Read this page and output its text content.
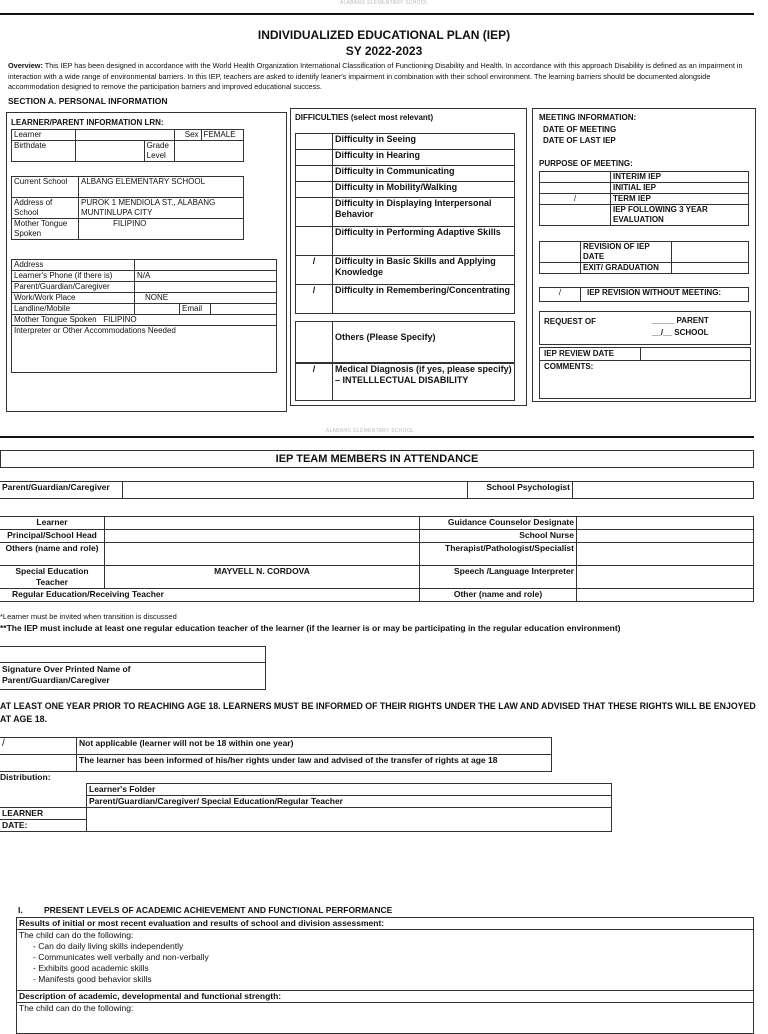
ALABANG ELEMENTARY SCHOOL
INDIVIDUALIZED EDUCATIONAL PLAN (IEP)
SY 2022-2023
Overview: This IEP has been designed in accordance with the World Health Organization International Classification of Functioning Disability and Health. In accordance with this approach Disability is defined as an impairment in interaction with a wide range of environmental barriers. In this IEP, teachers are asked to identify leaner's impairment in combination with their school environment. The learning barriers should be documented alongside accommodation designed to remove the participation barriers and improved educational success.
SECTION A. PERSONAL INFORMATION
LEARNER/PARENT INFORMATION LRN:
Learner			Sex	FEMALE
Birthdate		Grade Level		
Current School	ALBANG ELEMENTARY SCHOOL
Address of School	PUROK 1 MENDIOLA ST., ALABANG MUNTINLUPA CITY
Mother Tongue Spoken	FILIPINO
Address			
Learner's Phone (if there is)	N/A		
Parent/Guardian/Caregiver			
Work/Work Place	NONE		
Landline/Mobile		Email	
Mother Tongue Spoken FILIPINO			
Interpreter or Other Accommodations Needed			
DIFFICULTIES (select most relevant)
	Difficulty in Seeing
	Difficulty in Hearing
	Difficulty in Communicating
	Difficulty in Mobility/Walking
	Difficulty in Displaying Interpersonal Behavior
	Difficulty in Performing Adaptive Skills
/	Difficulty in Basic Skills and Applying Knowledge
/	Difficulty in Remembering/Concentrating
	Others (Please Specify)
/	Medical Diagnosis (if yes, please specify) – INTELLLECTUAL DISABILITY
MEETING INFORMATION:
DATE OF MEETING
DATE OF LAST IEP
PURPOSE OF MEETING:
	INTERIM IEP
	INITIAL IEP
/	TERM IEP
	IEP FOLLOWING 3 YEAR EVALUATION
	REVISION OF IEP DATE	
	EXIT/ GRADUATION	
/	IEP REVISION WITHOUT MEETING:
REQUEST OF	_____ PARENT
__/__ SCHOOL
IEP REVIEW DATE
COMMENTS:
ALABANG ELEMENTARY SCHOOL
IEP TEAM MEMBERS IN ATTENDANCE
Parent/Guardian/Caregiver		School Psychologist	
Learner		Guidance Counselor Designate	
Principal/School Head		School Nurse	
Others (name and role)		Therapist/Pathologist/Specialist	
Special Education Teacher	MAYVELL N. CORDOVA	Speech /Language Interpreter	
Regular Education/Receiving Teacher		Other (name and role)	
*Learner must be invited when transition is discussed
**The IEP must include at least one regular education teacher of the learner (if the learner is or may be participating in the regular education environment)
Signature Over Printed Name of Parent/Guardian/Caregiver
AT LEAST ONE YEAR PRIOR TO REACHING AGE 18. LEARNERS MUST BE INFORMED OF THEIR RIGHTS UNDER THE LAW AND ADVISED THAT THESE RIGHTS WILL BE ENJOYED AT AGE 18.
/	Not applicable (learner will not be 18 within one year)
	The learner has been informed of his/her rights under law and advised of the transfer of rights at age 18
Distribution:
	Learner's Folder
	Parent/Guardian/Caregiver/ Special Education/Regular Teacher
LEARNER	
DATE:	
I.	PRESENT LEVELS OF ACADEMIC ACHIEVEMENT AND FUNCTIONAL PERFORMANCE
Results of initial or most recent evaluation and results of school and division assessment:

The child can do the following:
- Can do daily living skills independently
- Communicates well verbally and non-verbally
- Exhibits good academic skills
- Manifests good behavior skills

Description of academic, developmental and functional strength:
The child can do the following:
